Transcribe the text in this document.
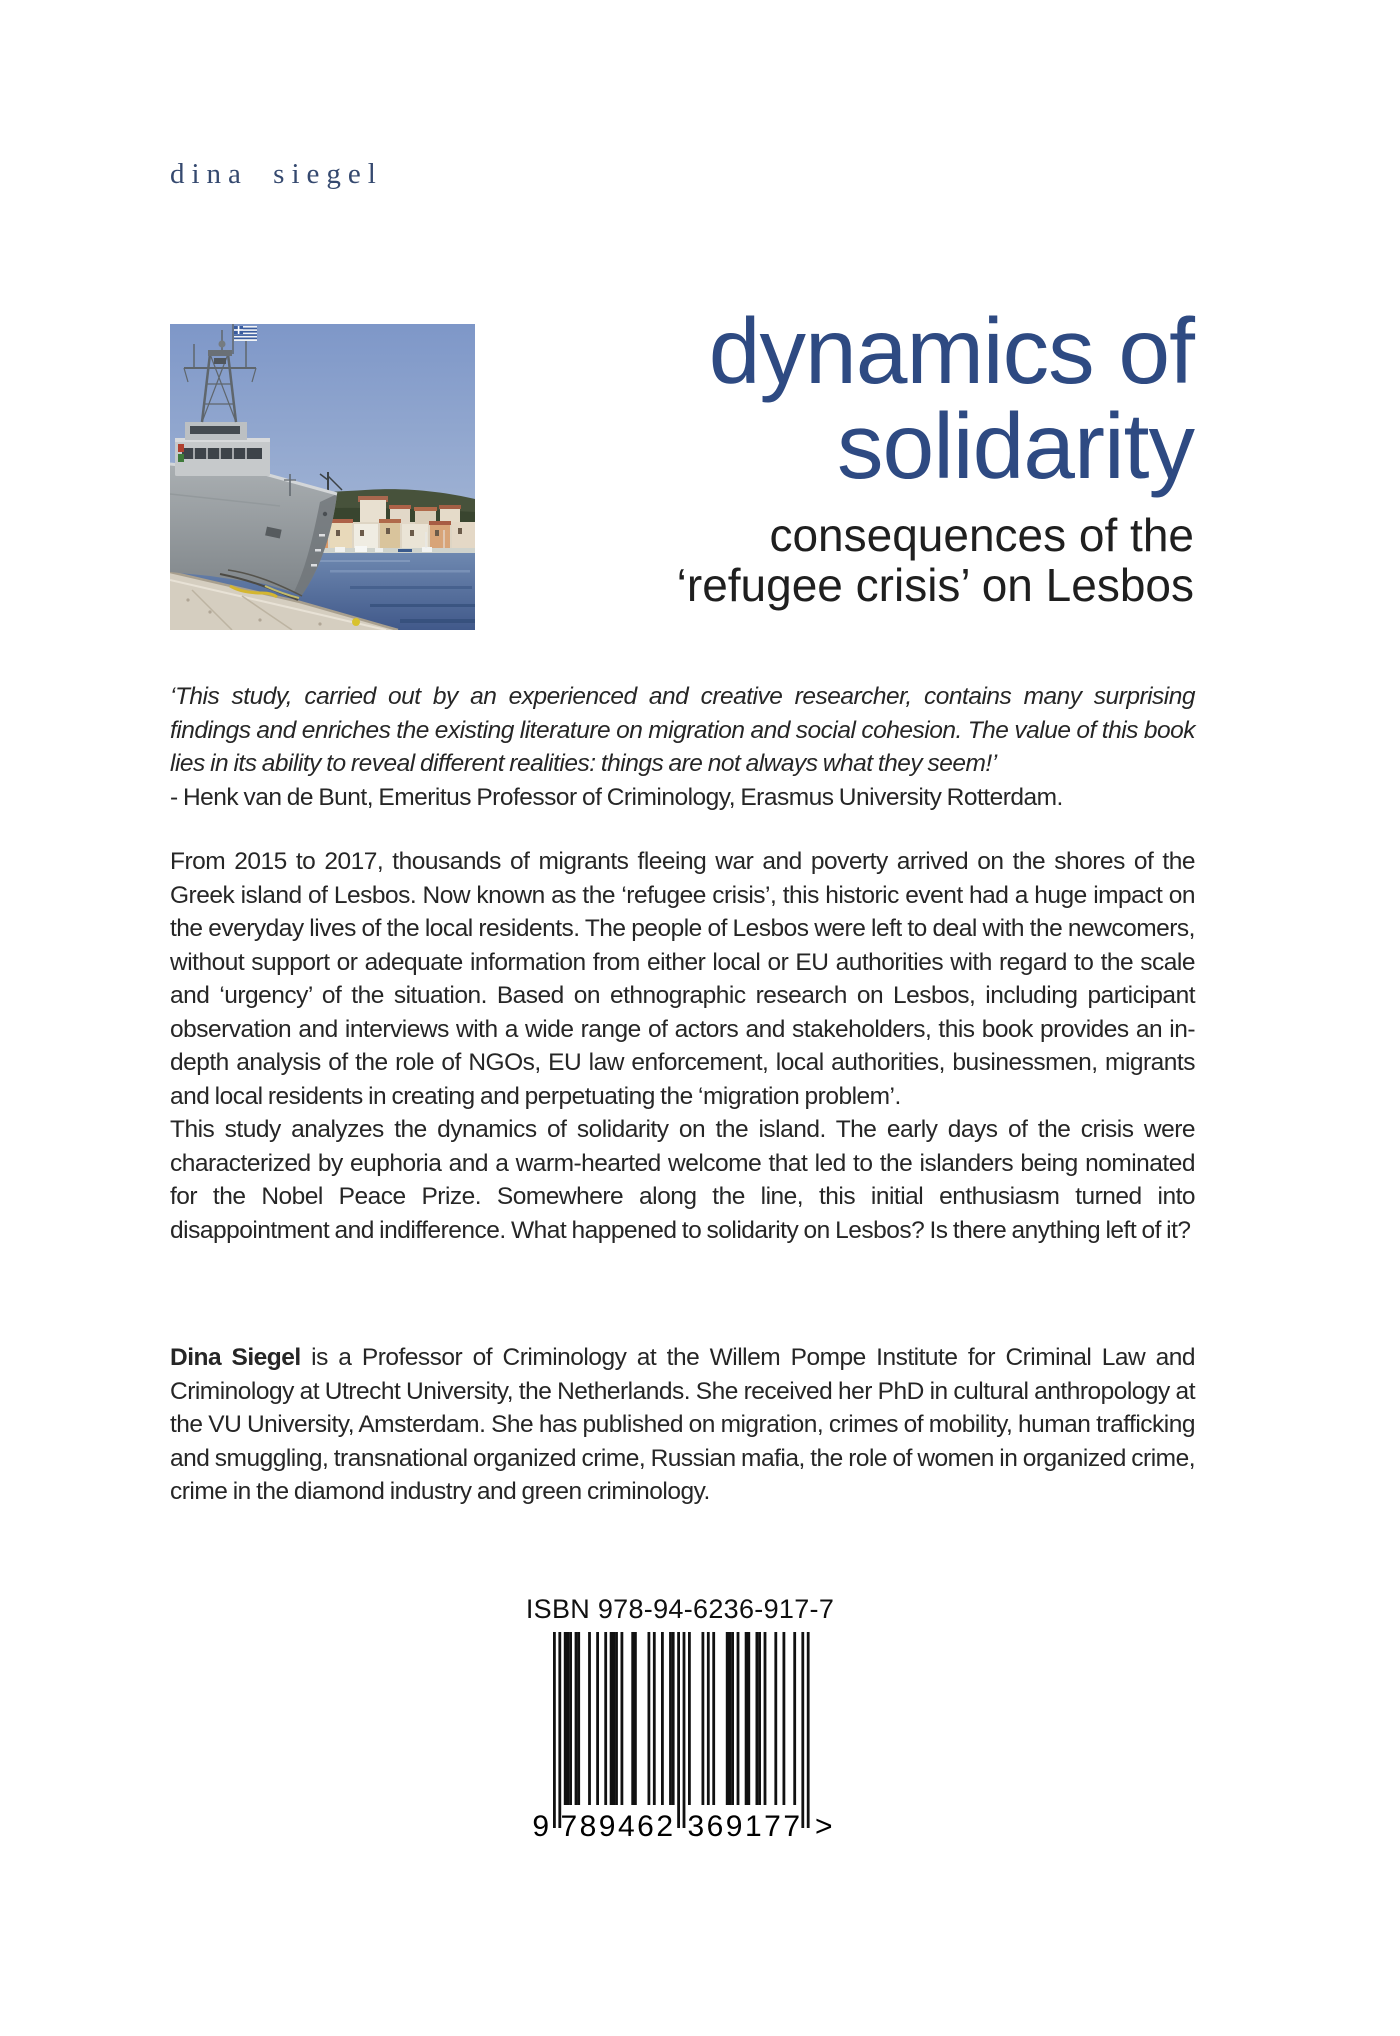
dina siegel
dynamics of
solidarity
consequences of the
‘refugee crisis’ on Lesbos

‘This study, carried out by an experienced and creative researcher, contains many surprising findings and enriches the existing literature on migration and social cohesion. The value of this book lies in its ability to reveal different realities: things are not always what they seem!’

- Henk van de Bunt, Emeritus Professor of Criminology, Erasmus University Rotterdam.

From 2015 to 2017, thousands of migrants fleeing war and poverty arrived on the shores of the Greek island of Lesbos. Now known as the ‘refugee crisis’, this historic event had a huge impact on the everyday lives of the local residents. The people of Lesbos were left to deal with the newcomers, without support or adequate information from either local or EU authorities with regard to the scale and ‘urgency’ of the situation. Based on ethnographic research on Lesbos, including participant observation and interviews with a wide range of actors and stakeholders, this book provides an in-depth analysis of the role of NGOs, EU law enforcement, local authorities, businessmen, migrants and local residents in creating and perpetuating the ‘migration problem’.

This study analyzes the dynamics of solidarity on the island. The early days of the crisis were characterized by euphoria and a warm-hearted welcome that led to the islanders being nominated for the Nobel Peace Prize. Somewhere along the line, this initial enthusiasm turned into disappointment and indifference. What happened to solidarity on Lesbos? Is there anything left of it?

Dina Siegel is a Professor of Criminology at the Willem Pompe Institute for Criminal Law and Criminology at Utrecht University, the Netherlands. She received her PhD in cultural anthropology at the VU University, Amsterdam. She has published on migration, crimes of mobility, human trafficking and smuggling, transnational organized crime, Russian mafia, the role of women in organized crime, crime in the diamond industry and green criminology.

ISBN 978-94-6236-917-7
9 789462 369177 >
